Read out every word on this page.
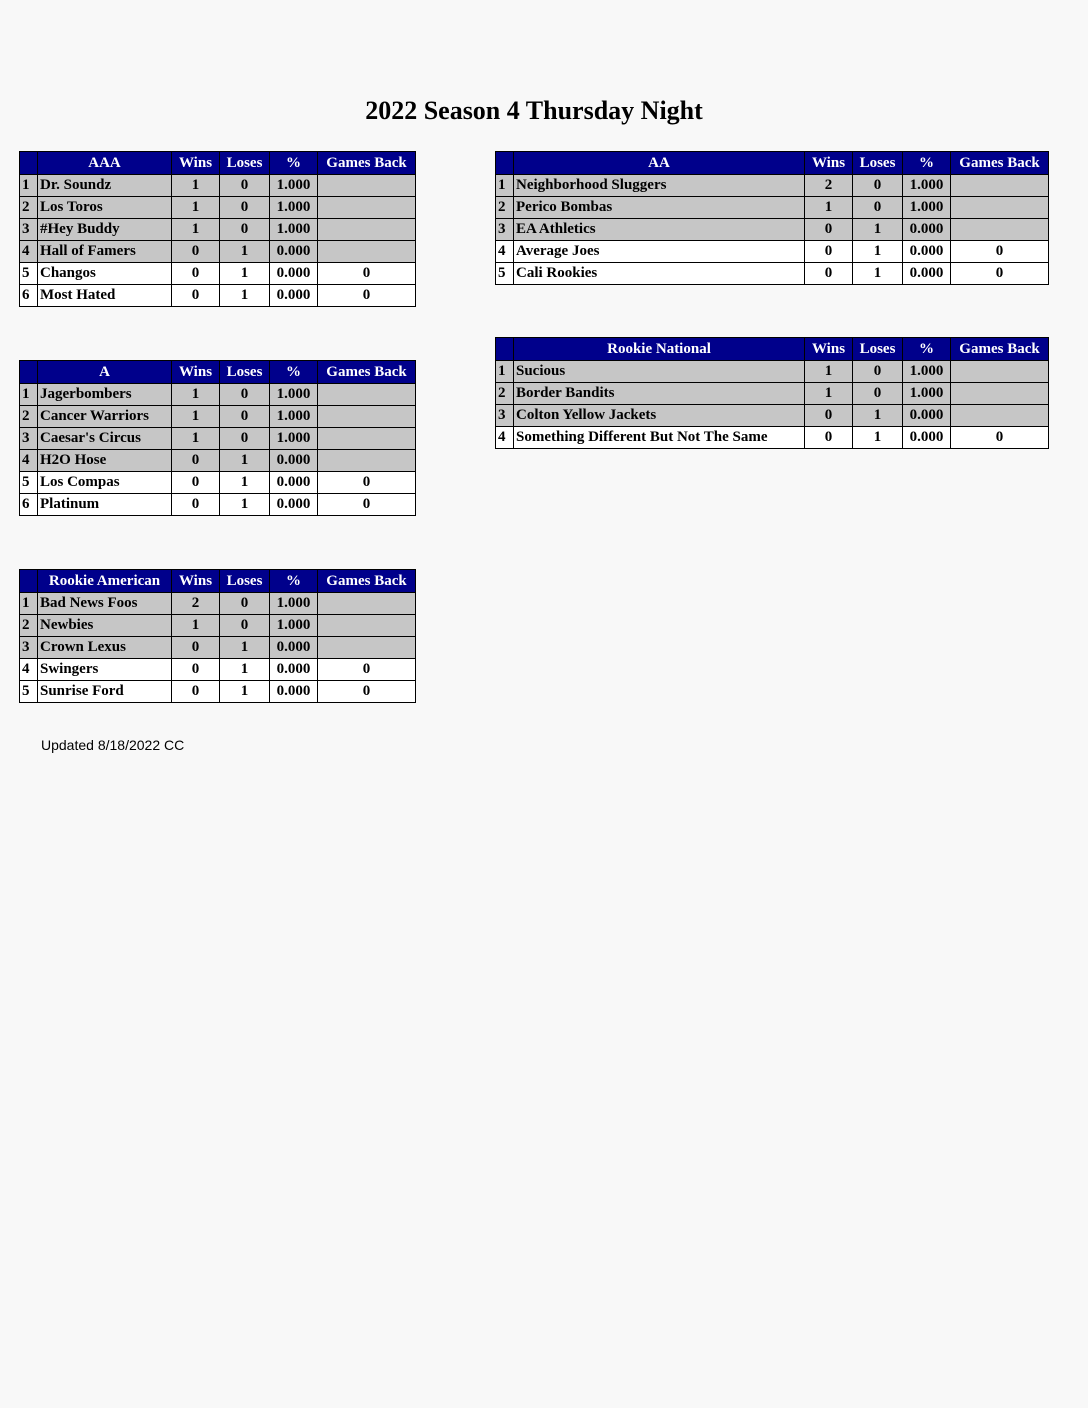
2022 Season 4 Thursday Night
	AAA	Wins	Loses	%	Games Back
1	Dr. Soundz	1	0	1.000	
2	Los Toros	1	0	1.000	
3	#Hey Buddy	1	0	1.000	
4	Hall of Famers	0	1	0.000	
5	Changos	0	1	0.000	0
6	Most Hated	0	1	0.000	0
	AA	Wins	Loses	%	Games Back
1	Neighborhood Sluggers	2	0	1.000	
2	Perico Bombas	1	0	1.000	
3	EA Athletics	0	1	0.000	
4	Average Joes	0	1	0.000	0
5	Cali Rookies	0	1	0.000	0
	A	Wins	Loses	%	Games Back
1	Jagerbombers	1	0	1.000	
2	Cancer Warriors	1	0	1.000	
3	Caesar's Circus	1	0	1.000	
4	H2O Hose	0	1	0.000	
5	Los Compas	0	1	0.000	0
6	Platinum	0	1	0.000	0
	Rookie National	Wins	Loses	%	Games Back
1	Sucious	1	0	1.000	
2	Border Bandits	1	0	1.000	
3	Colton Yellow Jackets	0	1	0.000	
4	Something Different But Not The Same	0	1	0.000	0
	Rookie American	Wins	Loses	%	Games Back
1	Bad News Foos	2	0	1.000	
2	Newbies	1	0	1.000	
3	Crown Lexus	0	1	0.000	
4	Swingers	0	1	0.000	0
5	Sunrise Ford	0	1	0.000	0
Updated 8/18/2022 CC
